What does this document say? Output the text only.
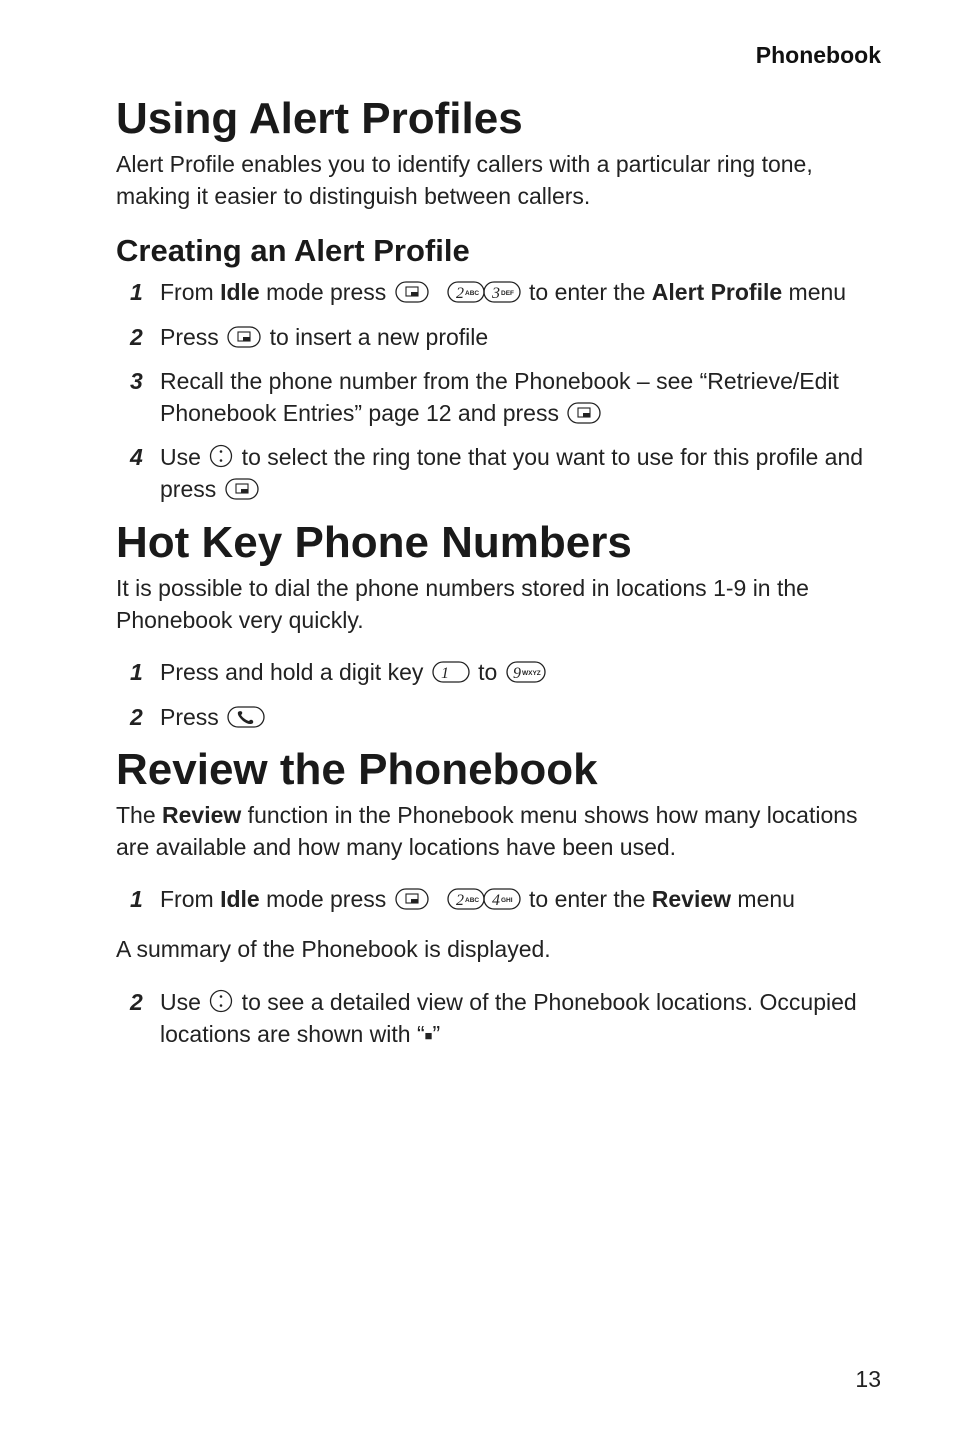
Phonebook
Using Alert Profiles

Alert Profile enables you to identify callers with a particular ring tone, making it easier to distinguish between callers.

Creating an Alert Profile
1 From Idle mode press	2 ABC 3 DEF to enter the Alert Profile menu
2 Press
to insert a new profile
3 Recall the phone number from the Phonebook – see “Retrieve/Edit Phonebook Entries” page 12 and press
4 Use
to select the ring tone that you want to use for this profile and press
Hot Key Phone Numbers

It is possible to dial the phone numbers stored in locations 1-9 in the Phonebook very quickly.

1 Press and hold a digit key 1 to 9 WXYZ
2 Press
Review the Phonebook

The Review function in the Phonebook menu shows how many locations are available and how many locations have been used.

1 From Idle mode press	2 ABC 4 GHI to enter the Review menu

A summary of the Phonebook is displayed.

2 Use
to see a detailed view of the Phonebook locations. Occupied locations are shown with “■”
13
